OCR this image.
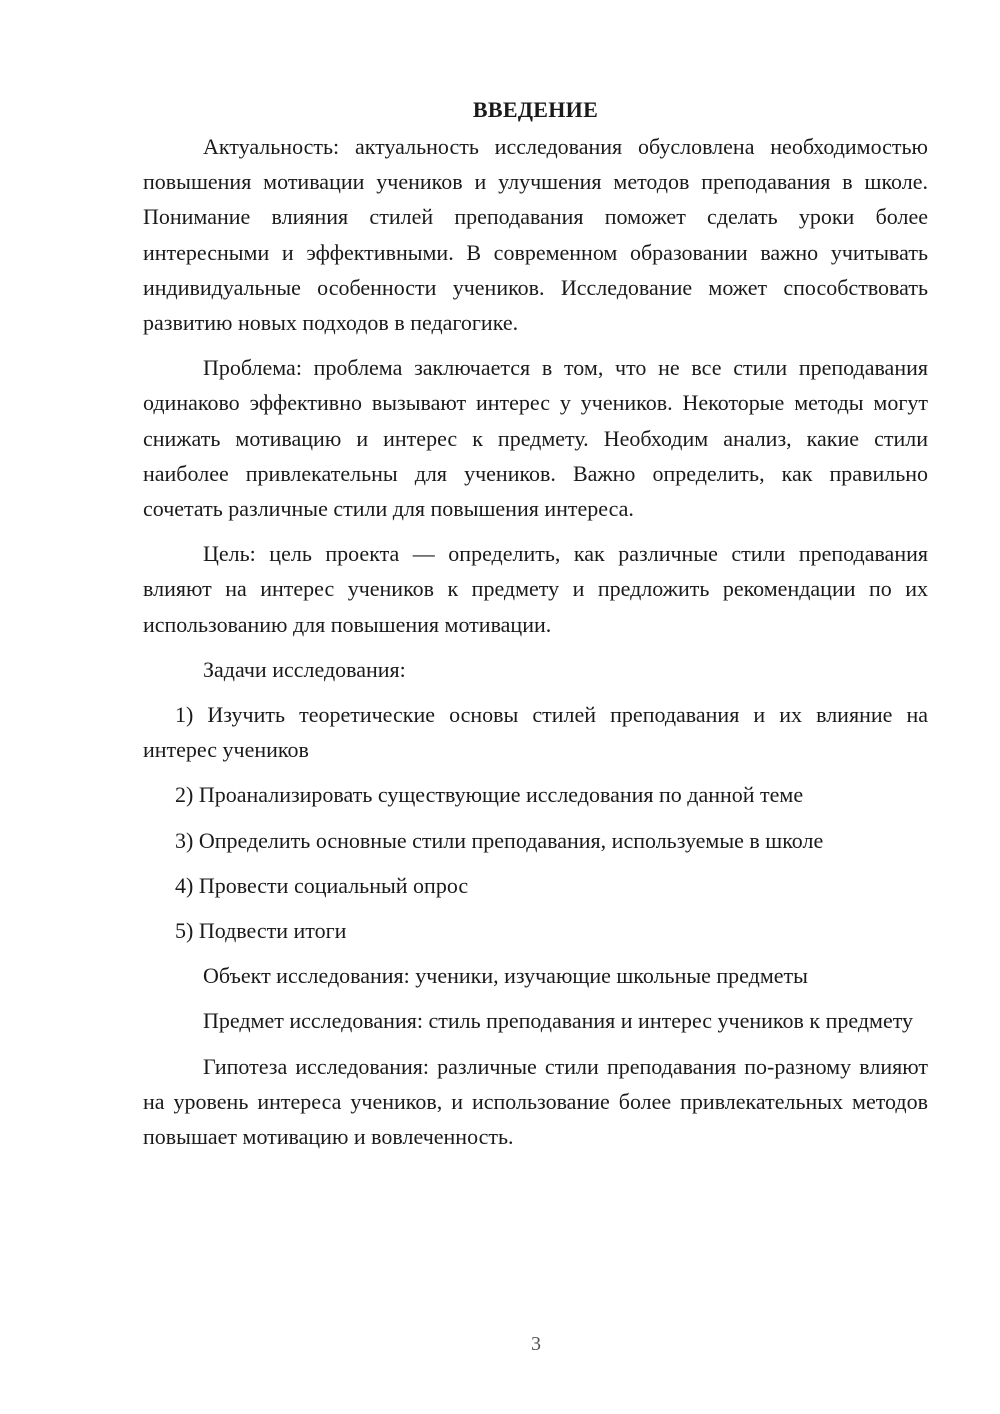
ВВЕДЕНИЕ

Актуальность: актуальность исследования обусловлена необходимостью повышения мотивации учеников и улучшения методов преподавания в школе. Понимание влияния стилей преподавания поможет сделать уроки более интересными и эффективными. В современном образовании важно учитывать индивидуальные особенности учеников. Исследование может способствовать развитию новых подходов в педагогике.

Проблема: проблема заключается в том, что не все стили преподавания одинаково эффективно вызывают интерес у учеников. Некоторые методы могут снижать мотивацию и интерес к предмету. Необходим анализ, какие стили наиболее привлекательны для учеников. Важно определить, как правильно сочетать различные стили для повышения интереса.

Цель: цель проекта — определить, как различные стили преподавания влияют на интерес учеников к предмету и предложить рекомендации по их использованию для повышения мотивации.

Задачи исследования:

1) Изучить теоретические основы стилей преподавания и их влияние на интерес учеников

2) Проанализировать существующие исследования по данной теме

3) Определить основные стили преподавания, используемые в школе

4) Провести социальный опрос

5) Подвести итоги

Объект исследования: ученики, изучающие школьные предметы

Предмет исследования: стиль преподавания и интерес учеников к предмету

Гипотеза исследования: различные стили преподавания по-разному влияют на уровень интереса учеников, и использование более привлекательных методов повышает мотивацию и вовлеченность.

3
